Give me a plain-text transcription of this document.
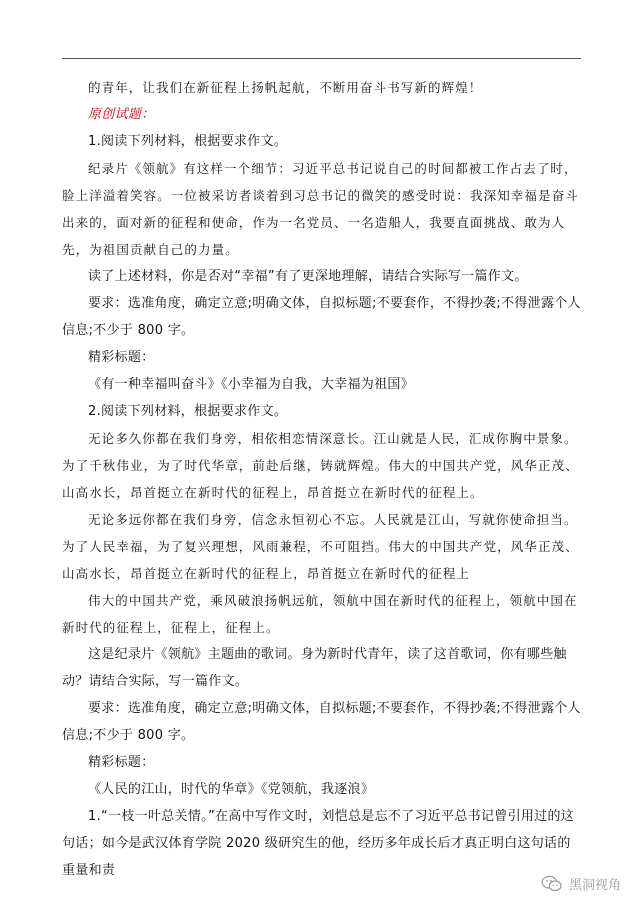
的青年，让我们在新征程上扬帆起航，不断用奋斗书写新的辉煌！

原创试题：

1.阅读下列材料，根据要求作文。

纪录片《领航》有这样一个细节：习近平总书记说自己的时间都被工作占去了时，脸上洋溢着笑容。一位被采访者谈着到习总书记的微笑的感受时说：我深知幸福是奋斗出来的，面对新的征程和使命，作为一名党员、一名造船人，我要直面挑战、敢为人先，为祖国贡献自己的力量。

读了上述材料，你是否对“幸福”有了更深地理解，请结合实际写一篇作文。

要求：选准角度，确定立意;明确文体，自拟标题;不要套作，不得抄袭;不得泄露个人信息;不少于 800 字。

精彩标题：

《有一种幸福叫奋斗》《小幸福为自我，大幸福为祖国》

2.阅读下列材料，根据要求作文。

无论多久你都在我们身旁，相依相恋情深意长。江山就是人民，汇成你胸中景象。为了千秋伟业，为了时代华章，前赴后继，铸就辉煌。伟大的中国共产党，风华正茂、山高水长，昂首挺立在新时代的征程上，昂首挺立在新时代的征程上。

无论多远你都在我们身旁，信念永恒初心不忘。人民就是江山，写就你使命担当。为了人民幸福，为了复兴理想，风雨兼程，不可阻挡。伟大的中国共产党，风华正茂、山高水长，昂首挺立在新时代的征程上，昂首挺立在新时代的征程上

伟大的中国共产党，乘风破浪扬帆远航，领航中国在新时代的征程上，领航中国在新时代的征程上，征程上，征程上。

这是纪录片《领航》主题曲的歌词。身为新时代青年，读了这首歌词，你有哪些触动？请结合实际，写一篇作文。

要求：选准角度，确定立意;明确文体，自拟标题;不要套作，不得抄袭;不得泄露个人信息;不少于 800 字。

精彩标题：

《人民的江山，时代的华章》《党领航，我逐浪》

1.“一枝一叶总关情。”在高中写作文时，刘恺总是忘不了习近平总书记曾引用过的这句话；如今是武汉体育学院 2020 级研究生的他，经历多年成长后才真正明白这句话的重量和责

黑洞视角
